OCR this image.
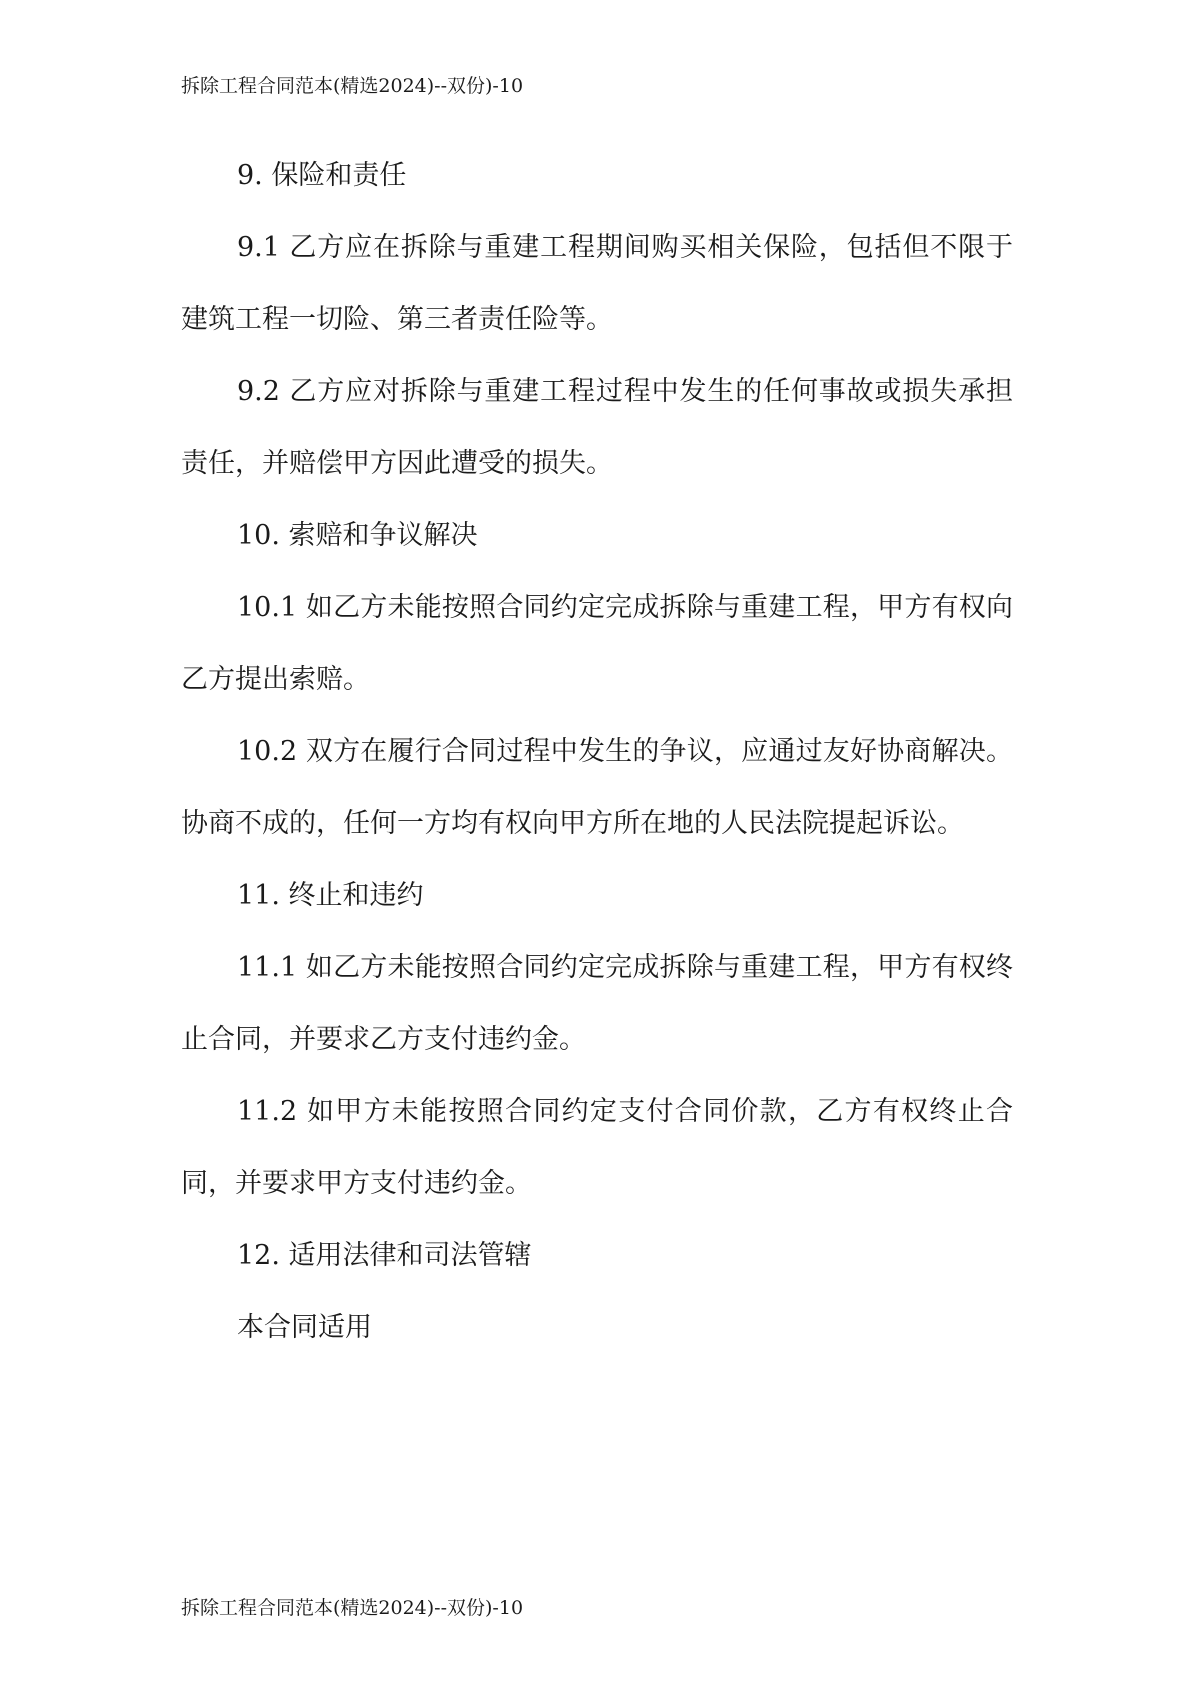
拆除工程合同范本(精选2024)--双份)-10

9. 保险和责任

9.1 乙方应在拆除与重建工程期间购买相关保险，包括但不限于建筑工程一切险、第三者责任险等。

9.2 乙方应对拆除与重建工程过程中发生的任何事故或损失承担责任，并赔偿甲方因此遭受的损失。

10. 索赔和争议解决

10.1 如乙方未能按照合同约定完成拆除与重建工程，甲方有权向乙方提出索赔。

10.2 双方在履行合同过程中发生的争议，应通过友好协商解决。协商不成的，任何一方均有权向甲方所在地的人民法院提起诉讼。

11. 终止和违约

11.1 如乙方未能按照合同约定完成拆除与重建工程，甲方有权终止合同，并要求乙方支付违约金。

11.2 如甲方未能按照合同约定支付合同价款，乙方有权终止合同，并要求甲方支付违约金。

12. 适用法律和司法管辖

本合同适用

拆除工程合同范本(精选2024)--双份)-10
